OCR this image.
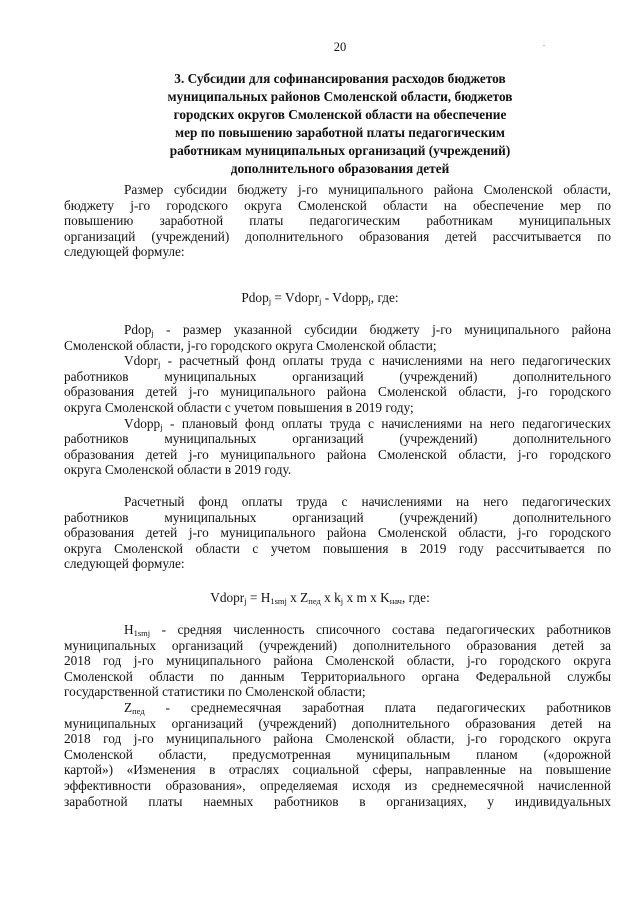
20
3. Субсидии для софинансирования расходов бюджетов
муниципальных районов Смоленской области, бюджетов
городских округов Смоленской области на обеспечение
мер по повышению заработной платы педагогическим
работникам муниципальных организаций (учреждений)
дополнительного образования детей
Размер субсидии бюджету j-го муниципального района Смоленской области,
бюджету j-го городского округа Смоленской области на обеспечение мер по
повышению заработной платы педагогическим работникам муниципальных
организаций (учреждений) дополнительного образования детей рассчитывается по
следующей формуле:
Pdop$_j$ = Vdopr$_j$ - Vdopp$_j$, где:
Pdop$_j$ - размер указанной субсидии бюджету j-го муниципального района
Смоленской области, j-го городского округа Смоленской области;
Vdopr$_j$ - расчетный фонд оплаты труда с начислениями на него педагогических
работников муниципальных организаций (учреждений) дополнительного
образования детей j-го муниципального района Смоленской области, j-го городского
округа Смоленской области с учетом повышения в 2019 году;
Vdopp$_j$ - плановый фонд оплаты труда с начислениями на него педагогических
работников муниципальных организаций (учреждений) дополнительного
образования детей j-го муниципального района Смоленской области, j-го городского
округа Смоленской области в 2019 году.
Расчетный фонд оплаты труда с начислениями на него педагогических
работников муниципальных организаций (учреждений) дополнительного
образования детей j-го муниципального района Смоленской области, j-го городского
округа Смоленской области с учетом повышения в 2019 году рассчитывается по
следующей формуле:
Vdopr$_j$ = $H_{1smj}$ x $Z_{пед}$ x $k_j$ x m x $K_{нач}$, где:
$H_{1smj}$ - средняя численность списочного состава педагогических работников
муниципальных организаций (учреждений) дополнительного образования детей за
2018 год j-го муниципального района Смоленской области, j-го городского округа
Смоленской области по данным Территориального органа Федеральной службы
государственной статистики по Смоленской области;
$Z_{пед}$ - среднемесячная заработная плата педагогических работников
муниципальных организаций (учреждений) дополнительного образования детей на
2018 год j-го муниципального района Смоленской области, j-го городского округа
Смоленской области, предусмотренная муниципальным планом («дорожной
картой») «Изменения в отраслях социальной сферы, направленные на повышение
эффективности образования», определяемая исходя из среднемесячной начисленной
заработной платы наемных работников в организациях, у индивидуальных
